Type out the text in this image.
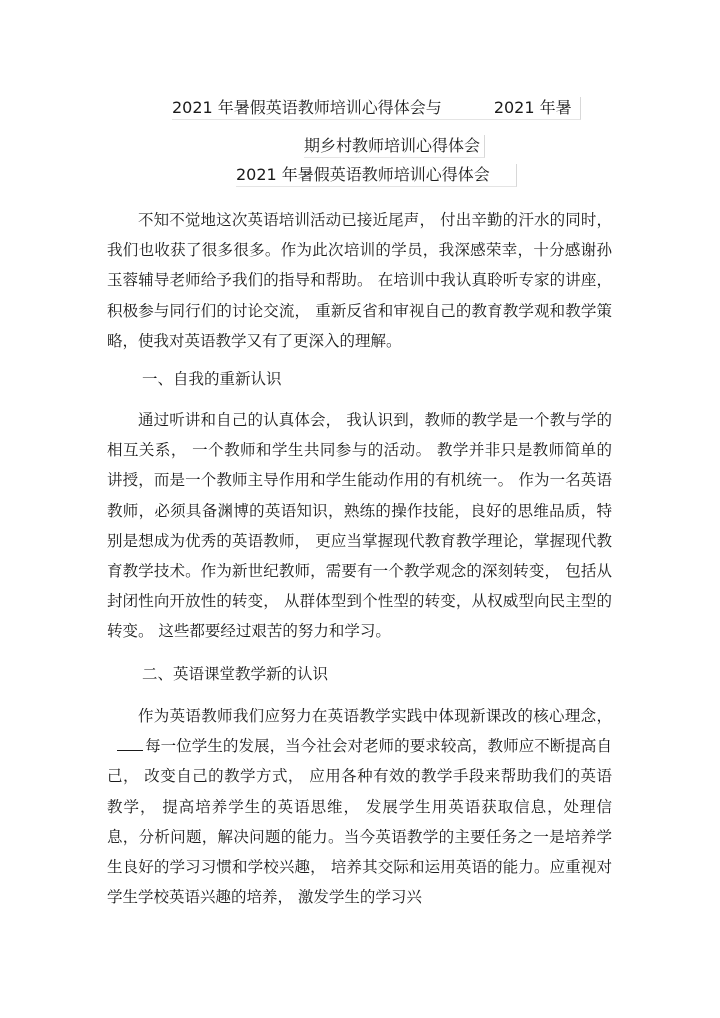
2021 年暑假英语教师培训心得体会与	2021 年暑
期乡村教师培训心得体会
2021 年暑假英语教师培训心得体会

不知不觉地这次英语培训活动已接近尾声， 付出辛勤的汗水的同时，我们也收获了很多很多。作为此次培训的学员，我深感荣幸，十分感谢孙玉蓉辅导老师给予我们的指导和帮助。 在培训中我认真聆听专家的讲座，积极参与同行们的讨论交流， 重新反省和审视自己的教育教学观和教学策略，使我对英语教学又有了更深入的理解。

一、自我的重新认识

通过听讲和自己的认真体会， 我认识到，教师的教学是一个教与学的相互关系， 一个教师和学生共同参与的活动。 教学并非只是教师简单的讲授，而是一个教师主导作用和学生能动作用的有机统一。 作为一名英语教师，必须具备渊博的英语知识，熟练的操作技能，良好的思维品质，特别是想成为优秀的英语教师， 更应当掌握现代教育教学理论，掌握现代教育教学技术。作为新世纪教师，需要有一个教学观念的深刻转变， 包括从封闭性向开放性的转变， 从群体型到个性型的转变，从权威型向民主型的转变。 这些都要经过艰苦的努力和学习。

二、英语课堂教学新的认识

作为英语教师我们应努力在英语教学实践中体现新课改的核心理念，每一位学生的发展，当今社会对老师的要求较高，教师应不断提高自己， 改变自己的教学方式， 应用各种有效的教学手段来帮助我们的英语教学， 提高培养学生的英语思维， 发展学生用英语获取信息，处理信息，分析问题，解决问题的能力。当今英语教学的主要任务之一是培养学生良好的学习习惯和学校兴趣， 培养其交际和运用英语的能力。应重视对学生学校英语兴趣的培养， 激发学生的学习兴
